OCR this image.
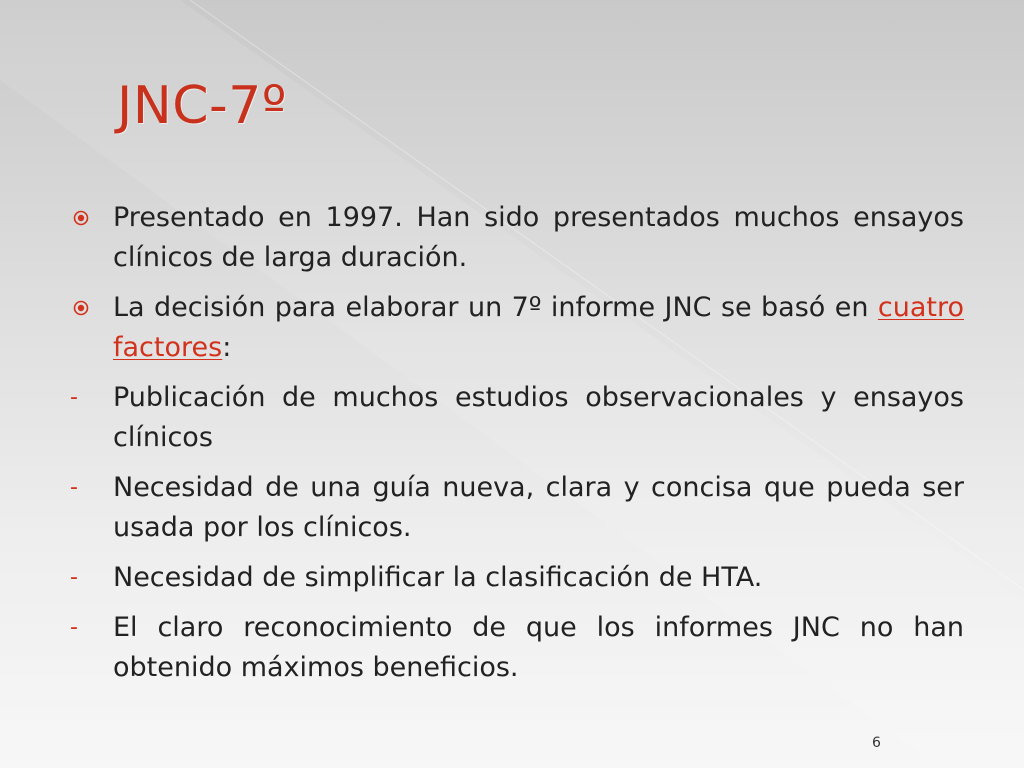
JNC-7º
Presentado en 1997. Han sido presentados muchos ensayos clínicos de larga duración.
La decisión para elaborar un 7º informe JNC se basó en cuatro factores:
- Publicación de muchos estudios observacionales y ensayos clínicos
- Necesidad de una guía nueva, clara y concisa que pueda ser usada por los clínicos.
- Necesidad de simplificar la clasificación de HTA.
- El claro reconocimiento de que los informes JNC no han obtenido máximos beneficios.
6
